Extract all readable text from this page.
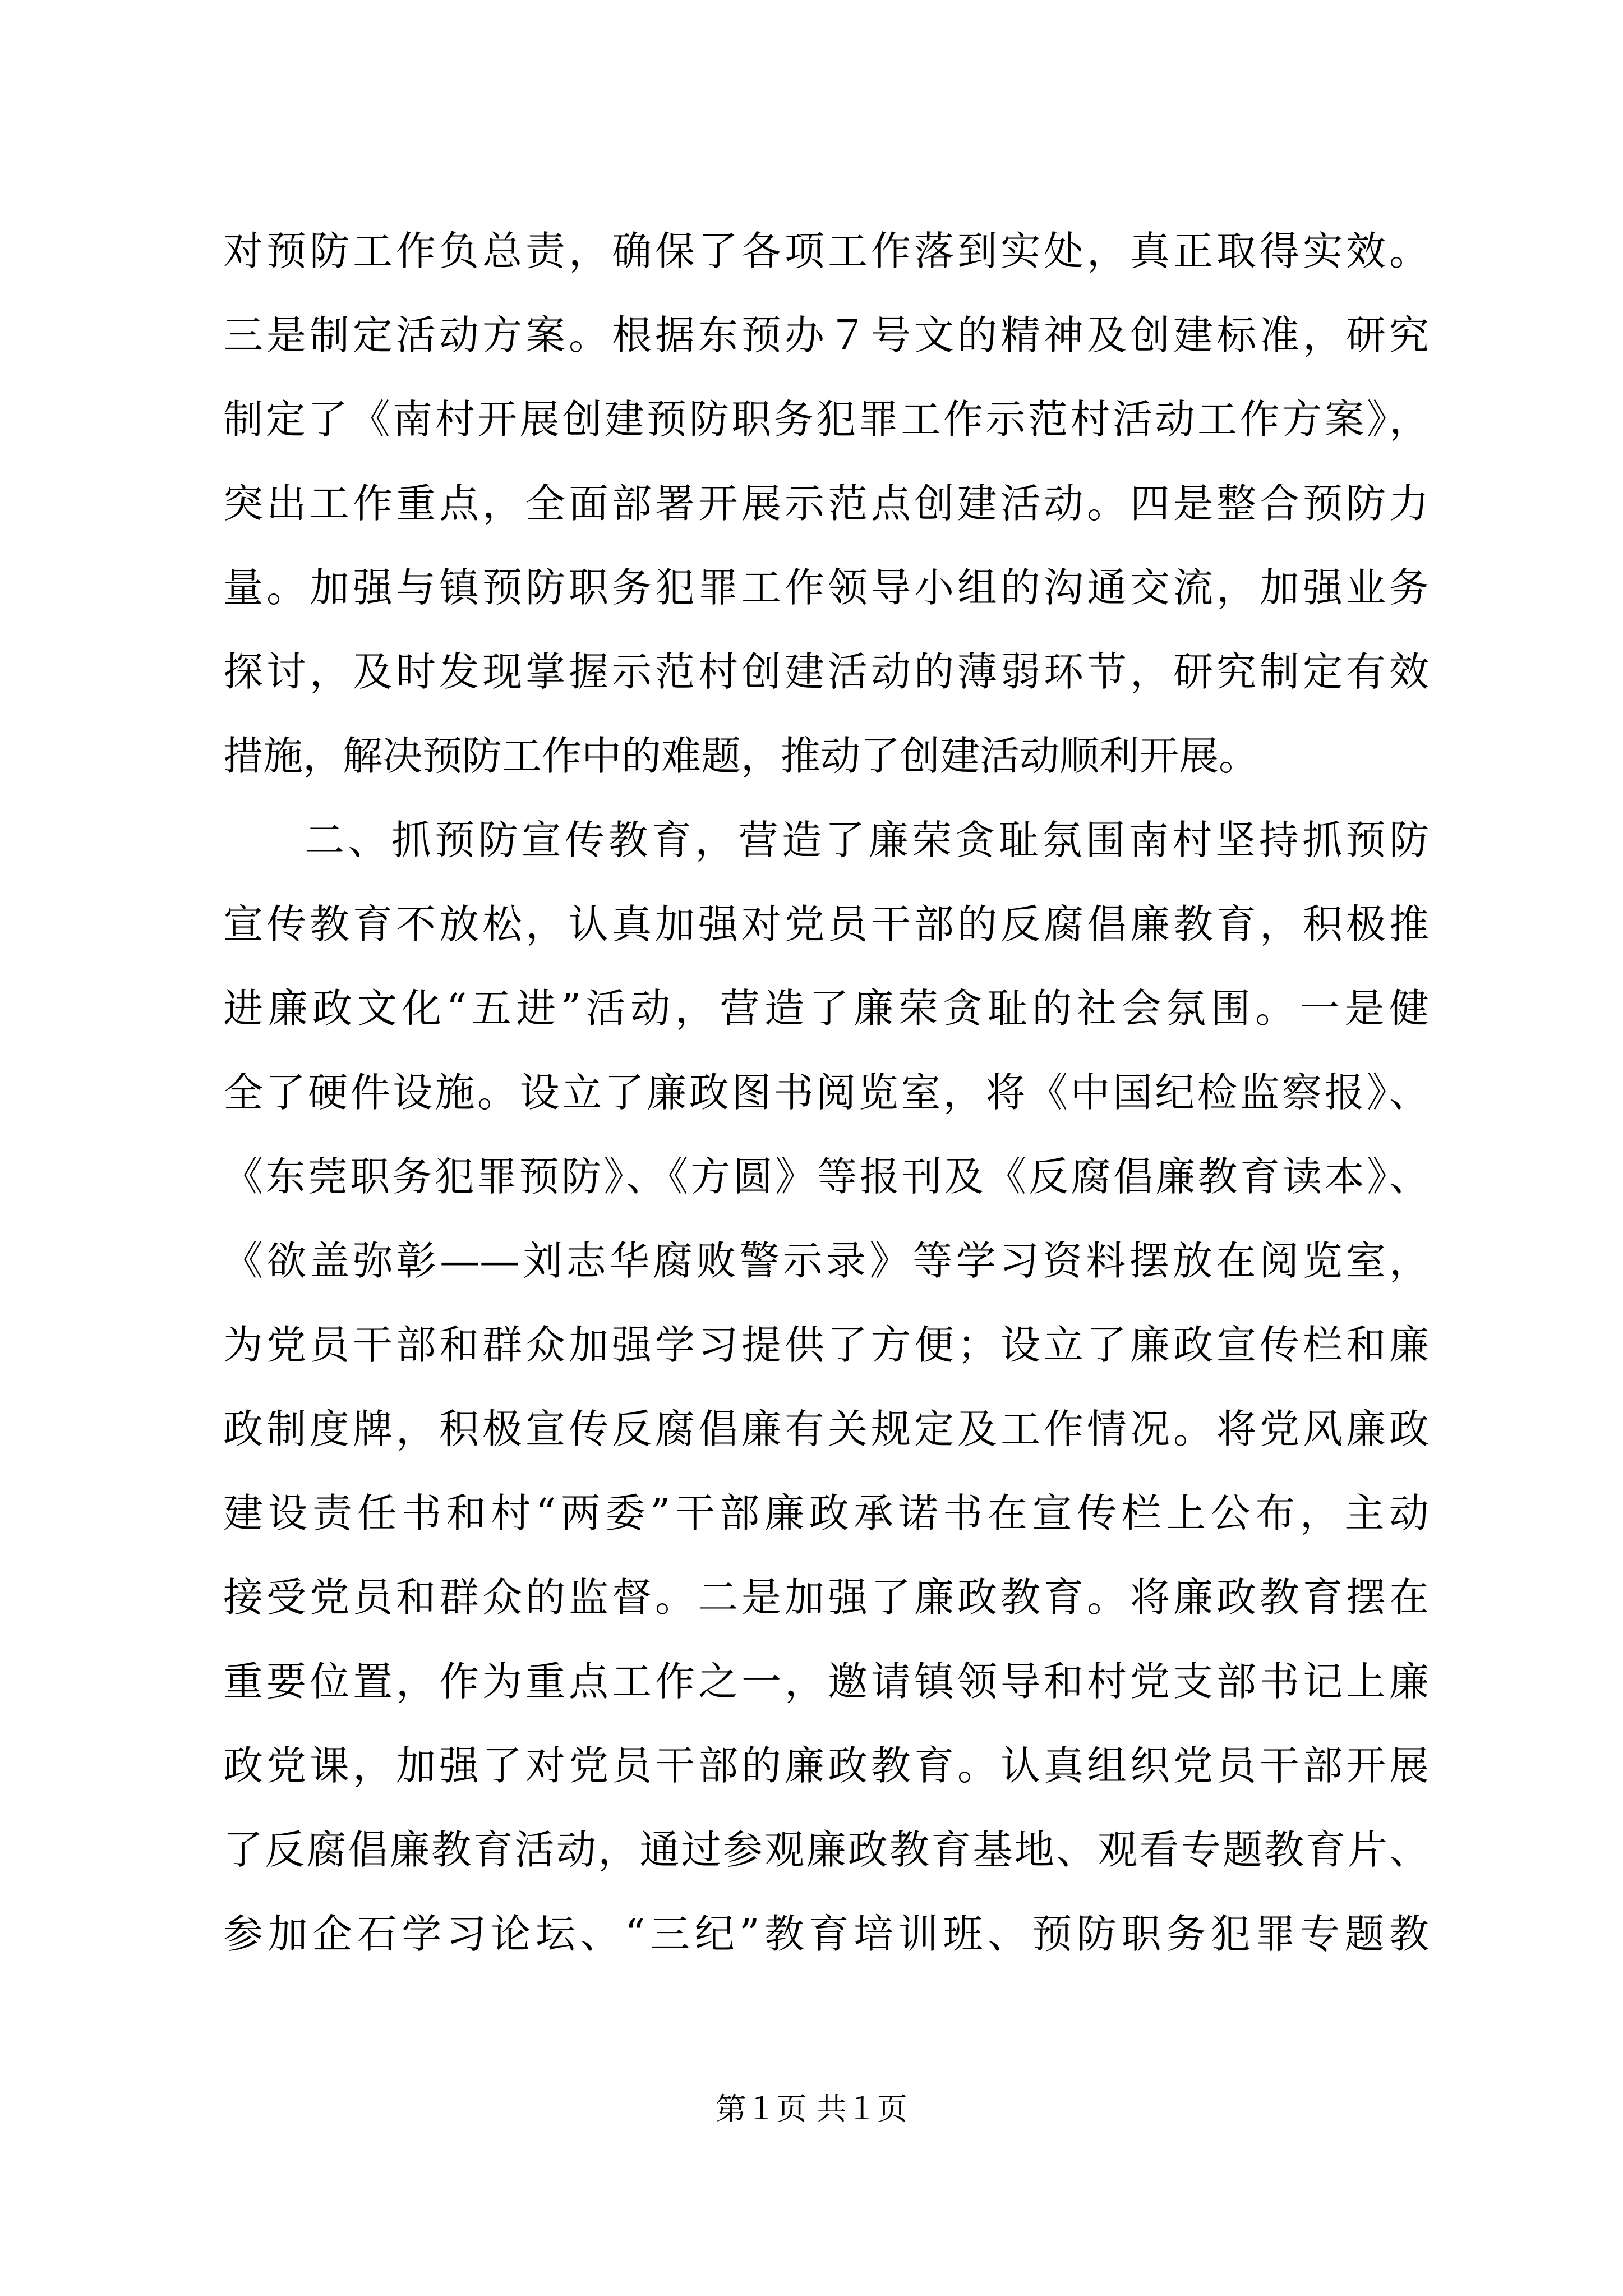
对预防工作负总责，确保了各项工作落到实处，真正取得实效。
三是制定活动方案。根据东预办７号文的精神及创建标准，研究
制定了《南村开展创建预防职务犯罪工作示范村活动工作方案》，
突出工作重点，全面部署开展示范点创建活动。四是整合预防力
量。加强与镇预防职务犯罪工作领导小组的沟通交流，加强业务
探讨，及时发现掌握示范村创建活动的薄弱环节，研究制定有效
措施，解决预防工作中的难题，推动了创建活动顺利开展。
二、抓预防宣传教育，营造了廉荣贪耻氛围南村坚持抓预防
宣传教育不放松，认真加强对党员干部的反腐倡廉教育，积极推
进廉政文化“五进”活动，营造了廉荣贪耻的社会氛围。一是健
全了硬件设施。设立了廉政图书阅览室，将《中国纪检监察报》、
《东莞职务犯罪预防》、《方圆》等报刊及《反腐倡廉教育读本》、
《欲盖弥彰——刘志华腐败警示录》等学习资料摆放在阅览室，
为党员干部和群众加强学习提供了方便；设立了廉政宣传栏和廉
政制度牌，积极宣传反腐倡廉有关规定及工作情况。将党风廉政
建设责任书和村“两委”干部廉政承诺书在宣传栏上公布，主动
接受党员和群众的监督。二是加强了廉政教育。将廉政教育摆在
重要位置，作为重点工作之一，邀请镇领导和村党支部书记上廉
政党课，加强了对党员干部的廉政教育。认真组织党员干部开展
了反腐倡廉教育活动，通过参观廉政教育基地、观看专题教育片、
参加企石学习论坛、“三纪”教育培训班、预防职务犯罪专题教
第１页 共１页
